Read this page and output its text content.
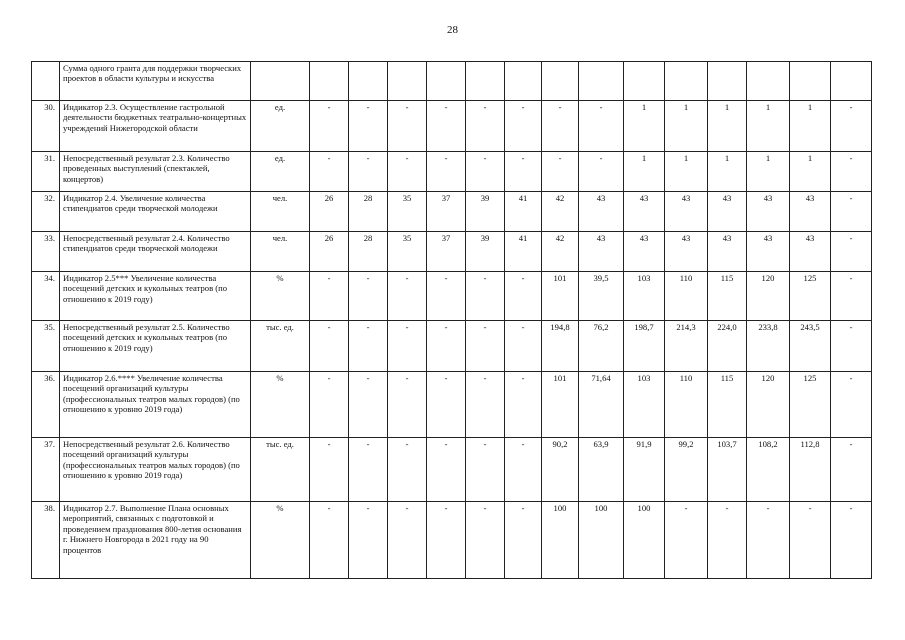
28
	Сумма одного гранта для поддержки творческих проектов в области культуры и искусства															
30.	Индикатор 2.3. Осуществление гастрольной деятельности бюджетных театрально-концертных учреждений Нижегородской области	ед.	-	-	-	-	-	-	-	-	1	1	1	1	1	-
31.	Непосредственный результат 2.3. Количество проведенных выступлений (спектаклей, концертов)	ед.	-	-	-	-	-	-	-	-	1	1	1	1	1	-
32.	Индикатор 2.4. Увеличение количества стипендиатов среди творческой молодежи	чел.	26	28	35	37	39	41	42	43	43	43	43	43	43	-
33.	Непосредственный результат 2.4. Количество стипендиатов среди творческой молодежи	чел.	26	28	35	37	39	41	42	43	43	43	43	43	43	-
34.	Индикатор 2.5*** Увеличение количества посещений детских и кукольных театров (по отношению к 2019 году)	%	-	-	-	-	-	-	101	39,5	103	110	115	120	125	-
35.	Непосредственный результат 2.5. Количество посещений детских и кукольных театров (по отношению к 2019 году)	тыс. ед.	-	-	-	-	-	-	194,8	76,2	198,7	214,3	224,0	233,8	243,5	-
36.	Индикатор 2.6.**** Увеличение количества посещений организаций культуры (профессиональных театров малых городов) (по отношению к уровню 2019 года)	%	-	-	-	-	-	-	101	71,64	103	110	115	120	125	-
37.	Непосредственный результат 2.6. Количество посещений организаций культуры (профессиональных театров малых городов) (по отношению к уровню 2019 года)	тыс. ед.	-	-	-	-	-	-	90,2	63,9	91,9	99,2	103,7	108,2	112,8	-
38.	Индикатор 2.7. Выполнение Плана основных мероприятий, связанных с подготовкой и проведением празднования 800-летия основания г. Нижнего Новгорода в 2021 году на 90 процентов	%	-	-	-	-	-	-	100	100	100	-	-	-	-	-
